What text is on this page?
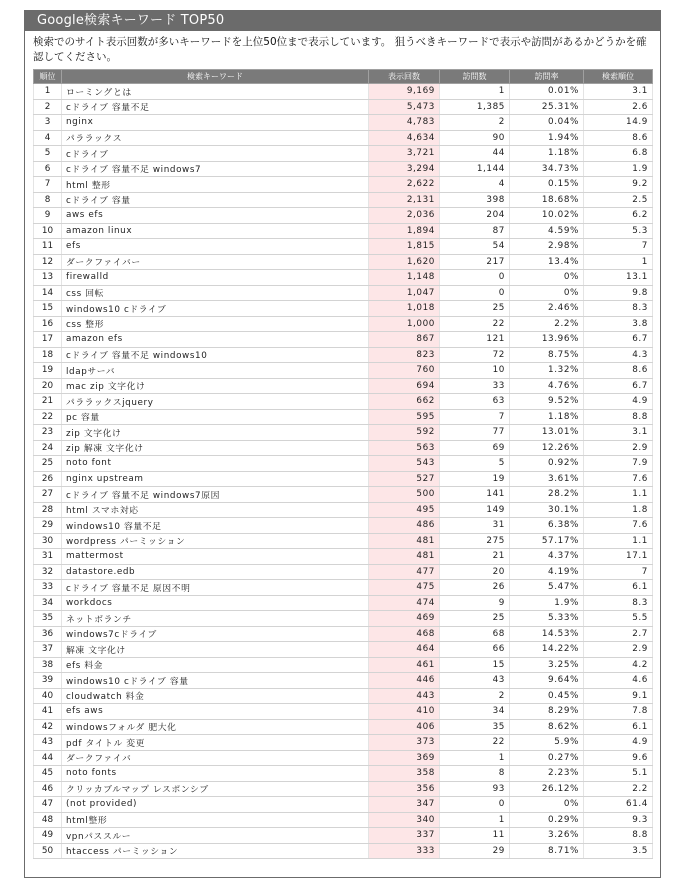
Google検索キーワード TOP50
検索でのサイト表示回数が多いキーワードを上位50位まで表示しています。 狙うべきキーワードで表示や訪問があるかどうかを確認してください。
順位	検索キーワード	表示回数	訪問数	訪問率	検索順位
1	ローミングとは	9,169	1	0.01%	3.1
2	cドライブ 容量不足	5,473	1,385	25.31%	2.6
3	nginx	4,783	2	0.04%	14.9
4	パララックス	4,634	90	1.94%	8.6
5	cドライブ	3,721	44	1.18%	6.8
6	cドライブ 容量不足 windows7	3,294	1,144	34.73%	1.9
7	html 整形	2,622	4	0.15%	9.2
8	cドライブ 容量	2,131	398	18.68%	2.5
9	aws efs	2,036	204	10.02%	6.2
10	amazon linux	1,894	87	4.59%	5.3
11	efs	1,815	54	2.98%	7
12	ダークファイバー	1,620	217	13.4%	1
13	firewalld	1,148	0	0%	13.1
14	css 回転	1,047	0	0%	9.8
15	windows10 cドライブ	1,018	25	2.46%	8.3
16	css 整形	1,000	22	2.2%	3.8
17	amazon efs	867	121	13.96%	6.7
18	cドライブ 容量不足 windows10	823	72	8.75%	4.3
19	ldapサーバ	760	10	1.32%	8.6
20	mac zip 文字化け	694	33	4.76%	6.7
21	パララックスjquery	662	63	9.52%	4.9
22	pc 容量	595	7	1.18%	8.8
23	zip 文字化け	592	77	13.01%	3.1
24	zip 解凍 文字化け	563	69	12.26%	2.9
25	noto font	543	5	0.92%	7.9
26	nginx upstream	527	19	3.61%	7.6
27	cドライブ 容量不足 windows7原因	500	141	28.2%	1.1
28	html スマホ対応	495	149	30.1%	1.8
29	windows10 容量不足	486	31	6.38%	7.6
30	wordpress パーミッション	481	275	57.17%	1.1
31	mattermost	481	21	4.37%	17.1
32	datastore.edb	477	20	4.19%	7
33	cドライブ 容量不足 原因不明	475	26	5.47%	6.1
34	workdocs	474	9	1.9%	8.3
35	ネットボランチ	469	25	5.33%	5.5
36	windows7cドライブ	468	68	14.53%	2.7
37	解凍 文字化け	464	66	14.22%	2.9
38	efs 料金	461	15	3.25%	4.2
39	windows10 cドライブ 容量	446	43	9.64%	4.6
40	cloudwatch 料金	443	2	0.45%	9.1
41	efs aws	410	34	8.29%	7.8
42	windowsフォルダ 肥大化	406	35	8.62%	6.1
43	pdf タイトル 変更	373	22	5.9%	4.9
44	ダークファイバ	369	1	0.27%	9.6
45	noto fonts	358	8	2.23%	5.1
46	クリッカブルマップ レスポンシブ	356	93	26.12%	2.2
47	(not provided)	347	0	0%	61.4
48	html整形	340	1	0.29%	9.3
49	vpnパススルー	337	11	3.26%	8.8
50	htaccess パーミッション	333	29	8.71%	3.5
